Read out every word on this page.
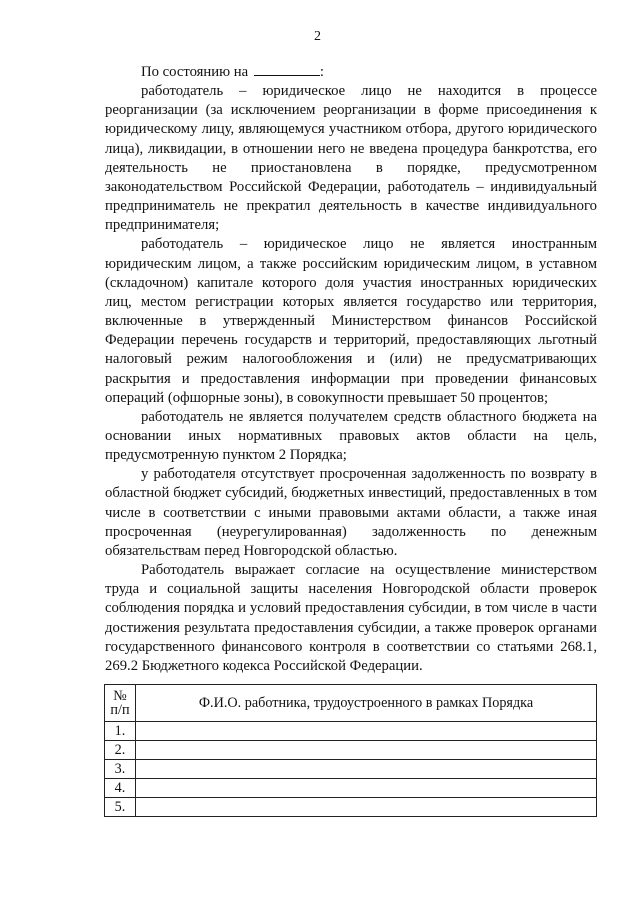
2

По состоянию на	:

работодатель – юридическое лицо не находится в процессе реорганизации (за исключением реорганизации в форме присоединения к юридическому лицу, являющемуся участником отбора, другого юридического лица), ликвидации, в отношении него не введена процедура банкротства, его деятельность не приостановлена в порядке, предусмотренном законодательством Российской Федерации, работодатель – индивидуальный предприниматель не прекратил деятельность в качестве индивидуального предпринимателя;

работодатель – юридическое лицо не является иностранным юридическим лицом, а также российским юридическим лицом, в уставном (складочном) капитале которого доля участия иностранных юридических лиц, местом регистрации которых является государство или территория, включенные в утвержденный Министерством финансов Российской Федерации перечень государств и территорий, предоставляющих льготный налоговый режим налогообложения и (или) не предусматривающих раскрытия и предоставления информации при проведении финансовых операций (офшорные зоны), в совокупности превышает 50 процентов;

работодатель не является получателем средств областного бюджета на основании иных нормативных правовых актов области на цель, предусмотренную пунктом 2 Порядка;

у работодателя отсутствует просроченная задолженность по возврату в областной бюджет субсидий, бюджетных инвестиций, предоставленных в том числе в соответствии с иными правовыми актами области, а также иная просроченная (неурегулированная) задолженность по денежным обязательствам перед Новгородской областью.

Работодатель выражает согласие на осуществление министерством труда и социальной защиты населения Новгородской области проверок соблюдения порядка и условий предоставления субсидии, в том числе в части достижения результата предоставления субсидии, а также проверок органами государственного финансового контроля в соответствии со статьями 268.1, 269.2 Бюджетного кодекса Российской Федерации.

№
п/п	Ф.И.О. работника, трудоустроенного в рамках Порядка
1.	
2.	
3.	
4.	
5.	
